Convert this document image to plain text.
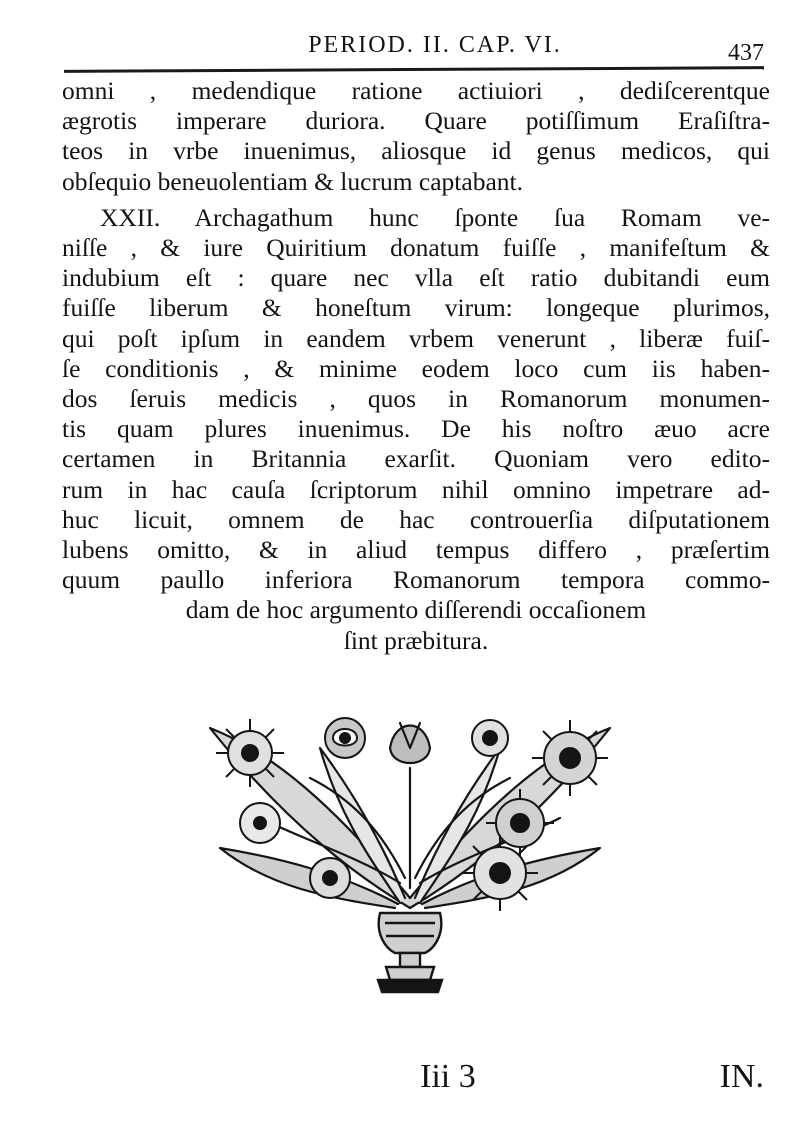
PERIOD. II. CAP. VI.	437
omni , medendique ratione actiuiori , dediſcerentque
ægrotis imperare duriora. Quare potiſſimum Eraſiſtra-
teos in vrbe inuenimus, aliosque id genus medicos, qui
obſequio beneuolentiam & lucrum captabant.
XXII. Archagathum hunc ſponte ſua Romam ve-
niſſe , & iure Quiritium donatum fuiſſe , manifeſtum &
indubium eſt : quare nec vlla eſt ratio dubitandi eum
fuiſſe liberum & honeſtum virum: longeque plurimos,
qui poſt ipſum in eandem vrbem venerunt , liberæ fuiſ-
ſe conditionis , & minime eodem loco cum iis haben-
dos ſeruis medicis , quos in Romanorum monumen-
tis quam plures inuenimus. De his noſtro æuo acre
certamen in Britannia exarſit. Quoniam vero edito-
rum in hac cauſa ſcriptorum nihil omnino impetrare ad-
huc licuit, omnem de hac controuerſia diſputationem
lubens omitto, & in aliud tempus differo , præſertim
quum paullo inferiora Romanorum tempora commo-
dam de hoc argumento diſſerendi occaſionem
ſint præbitura.
Iii 3	IN.
